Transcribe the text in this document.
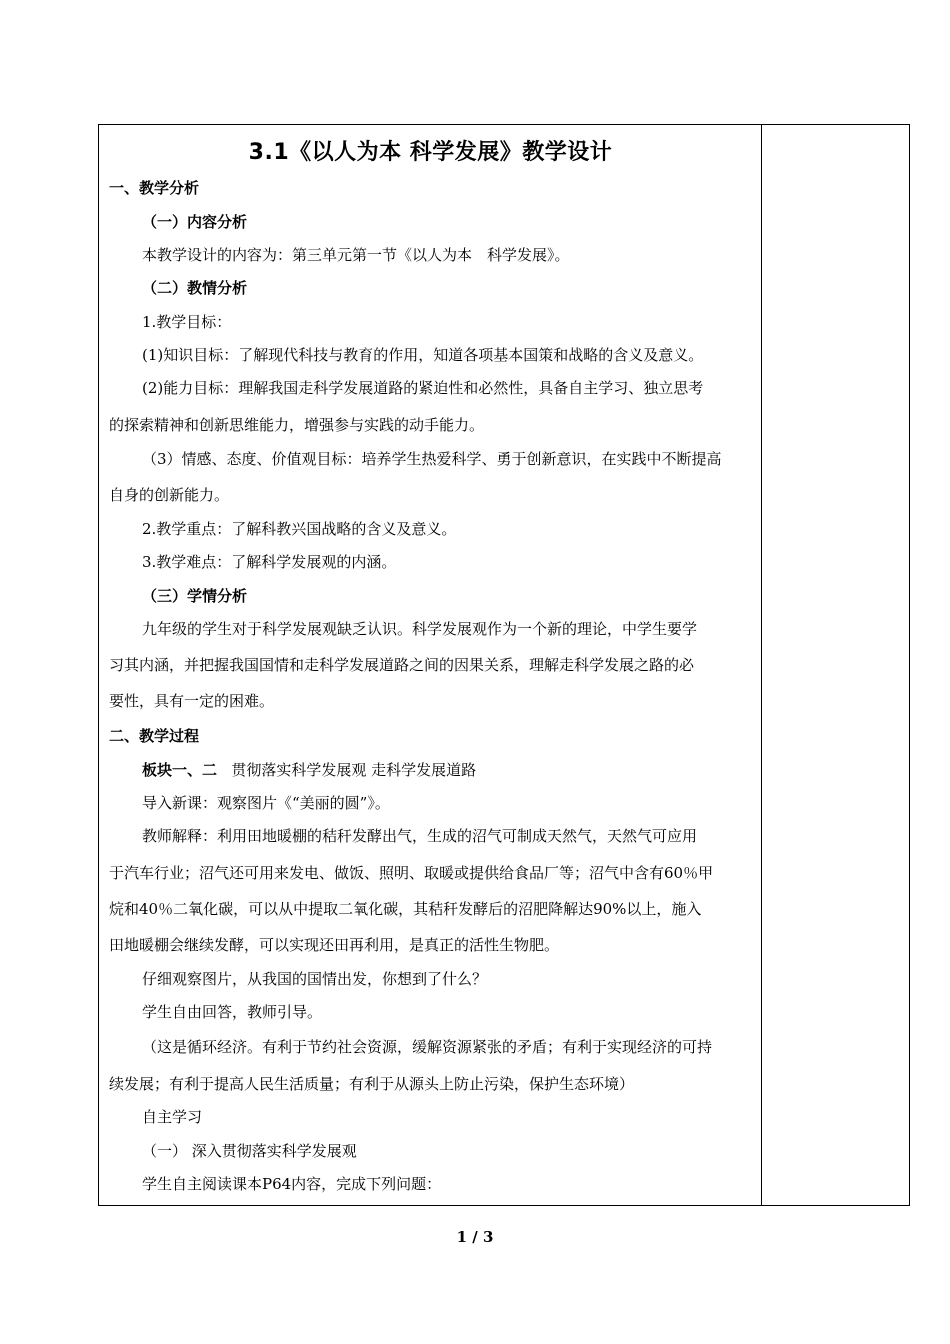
3.1《以人为本 科学发展》教学设计
一、教学分析
（一）内容分析
本教学设计的内容为：第三单元第一节《以人为本　科学发展》。
（二）教情分析
1.教学目标：
(1)知识目标：了解现代科技与教育的作用，知道各项基本国策和战略的含义及意义。
(2)能力目标：理解我国走科学发展道路的紧迫性和必然性，具备自主学习、独立思考
的探索精神和创新思维能力，增强参与实践的动手能力。
（3）情感、态度、价值观目标：培养学生热爱科学、勇于创新意识，在实践中不断提高
自身的创新能力。
2.教学重点：了解科教兴国战略的含义及意义。
3.教学难点：了解科学发展观的内涵。
（三）学情分析
九年级的学生对于科学发展观缺乏认识。科学发展观作为一个新的理论，中学生要学
习其内涵，并把握我国国情和走科学发展道路之间的因果关系，理解走科学发展之路的必
要性，具有一定的困难。
二、教学过程
板块一、二 贯彻落实科学发展观 走科学发展道路
导入新课：观察图片《“美丽的圆”》。
教师解释：利用田地暖棚的秸秆发酵出气，生成的沼气可制成天然气，天然气可应用
于汽车行业；沼气还可用来发电、做饭、照明、取暖或提供给食品厂等；沼气中含有60％甲
烷和40％二氧化碳，可以从中提取二氧化碳，其秸秆发酵后的沼肥降解达90%以上，施入
田地暖棚会继续发酵，可以实现还田再利用，是真正的活性生物肥。
仔细观察图片，从我国的国情出发，你想到了什么？
学生自由回答，教师引导。
（这是循环经济。有利于节约社会资源，缓解资源紧张的矛盾；有利于实现经济的可持
续发展；有利于提高人民生活质量；有利于从源头上防止污染，保护生态环境）
自主学习
（一） 深入贯彻落实科学发展观
学生自主阅读课本P64内容，完成下列问题：
1 / 3
